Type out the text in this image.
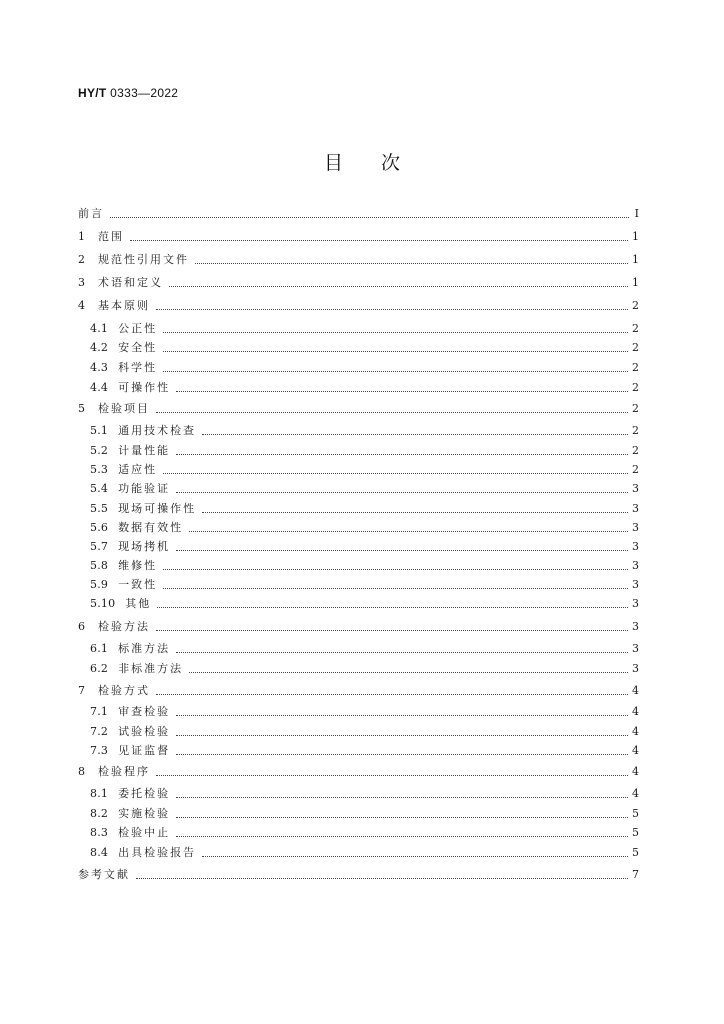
HY/T 0333—2022
目　　次
前言	Ⅰ
1 范围	1
2 规范性引用文件	1
3 术语和定义	1
4 基本原则	2
4.1 公正性	2
4.2 安全性	2
4.3 科学性	2
4.4 可操作性	2
5 检验项目	2
5.1 通用技术检查	2
5.2 计量性能	2
5.3 适应性	2
5.4 功能验证	3
5.5 现场可操作性	3
5.6 数据有效性	3
5.7 现场拷机	3
5.8 维修性	3
5.9 一致性	3
5.10 其他	3
6 检验方法	3
6.1 标准方法	3
6.2 非标准方法	3
7 检验方式	4
7.1 审查检验	4
7.2 试验检验	4
7.3 见证监督	4
8 检验程序	4
8.1 委托检验	4
8.2 实施检验	5
8.3 检验中止	5
8.4 出具检验报告	5
参考文献	7
